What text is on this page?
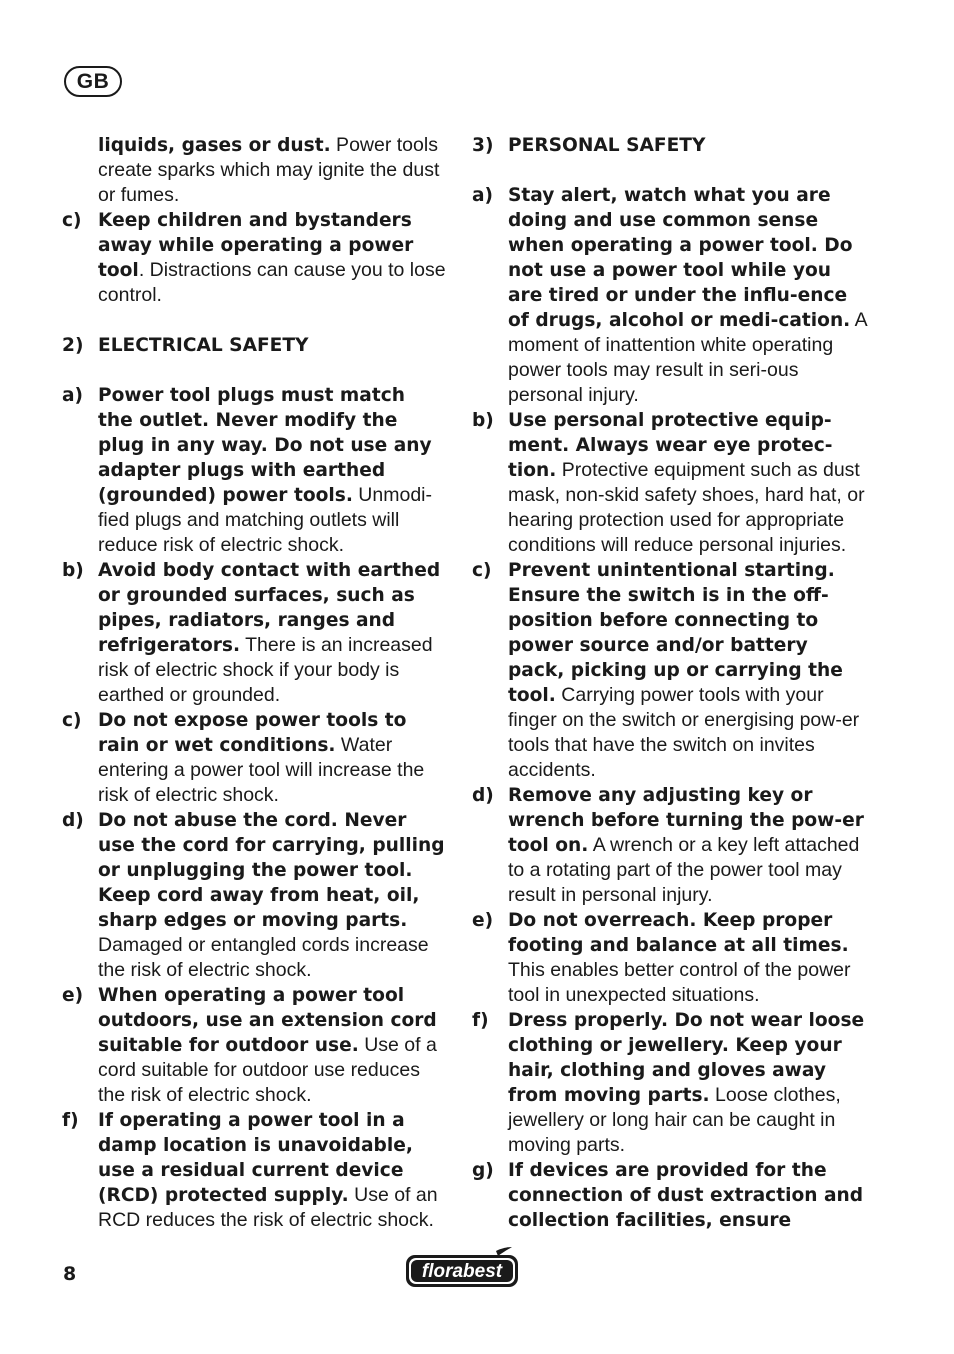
GB
liquids, gases or dust. Power tools create sparks which may ignite the dust or fumes.
c) Keep children and bystanders away while operating a power tool. Distractions can cause you to lose control.
2) ELECTRICAL SAFETY
a) Power tool plugs must match the outlet. Never modify the plug in any way. Do not use any adapter plugs with earthed (grounded) power tools. Unmodi-fied plugs and matching outlets will reduce risk of electric shock.
b) Avoid body contact with earthed or grounded surfaces, such as pipes, radiators, ranges and refrigerators. There is an increased risk of electric shock if your body is earthed or grounded.
c) Do not expose power tools to rain or wet conditions. Water entering a power tool will increase the risk of electric shock.
d) Do not abuse the cord. Never use the cord for carrying, pulling or unplugging the power tool. Keep cord away from heat, oil, sharp edges or moving parts. Damaged or entangled cords increase the risk of electric shock.
e) When operating a power tool outdoors, use an extension cord suitable for outdoor use. Use of a cord suitable for outdoor use reduces the risk of electric shock.
f)	If operating a power tool in a damp location is unavoidable, use a residual current device (RCD) protected supply. Use of an RCD reduces the risk of electric shock.
3) PERSONAL SAFETY
a) Stay alert, watch what you are doing and use common sense when operating a power tool. Do not use a power tool while you are tired or under the influ-ence of drugs, alcohol or medi-cation. A moment of inattention white operating power tools may result in seri-ous personal injury.
b) Use personal protective equip-ment. Always wear eye protec-tion. Protective equipment such as dust mask, non-skid safety shoes, hard hat, or hearing protection used for appropriate conditions will reduce personal injuries.
c) Prevent unintentional starting. Ensure the switch is in the off-position before connecting to power source and/or battery pack, picking up or carrying the tool. Carrying power tools with your finger on the switch or energising pow-er tools that have the switch on invites accidents.
d) Remove any adjusting key or wrench before turning the pow-er tool on. A wrench or a key left attached to a rotating part of the power tool may result in personal injury.
e) Do not overreach. Keep proper footing and balance at all times. This enables better control of the power tool in unexpected situations.
f)	Dress properly. Do not wear loose clothing or jewellery. Keep your hair, clothing and gloves away from moving parts. Loose clothes, jewellery or long hair can be caught in moving parts.
g) If devices are provided for the connection of dust extraction and collection facilities, ensure
8	florabest
